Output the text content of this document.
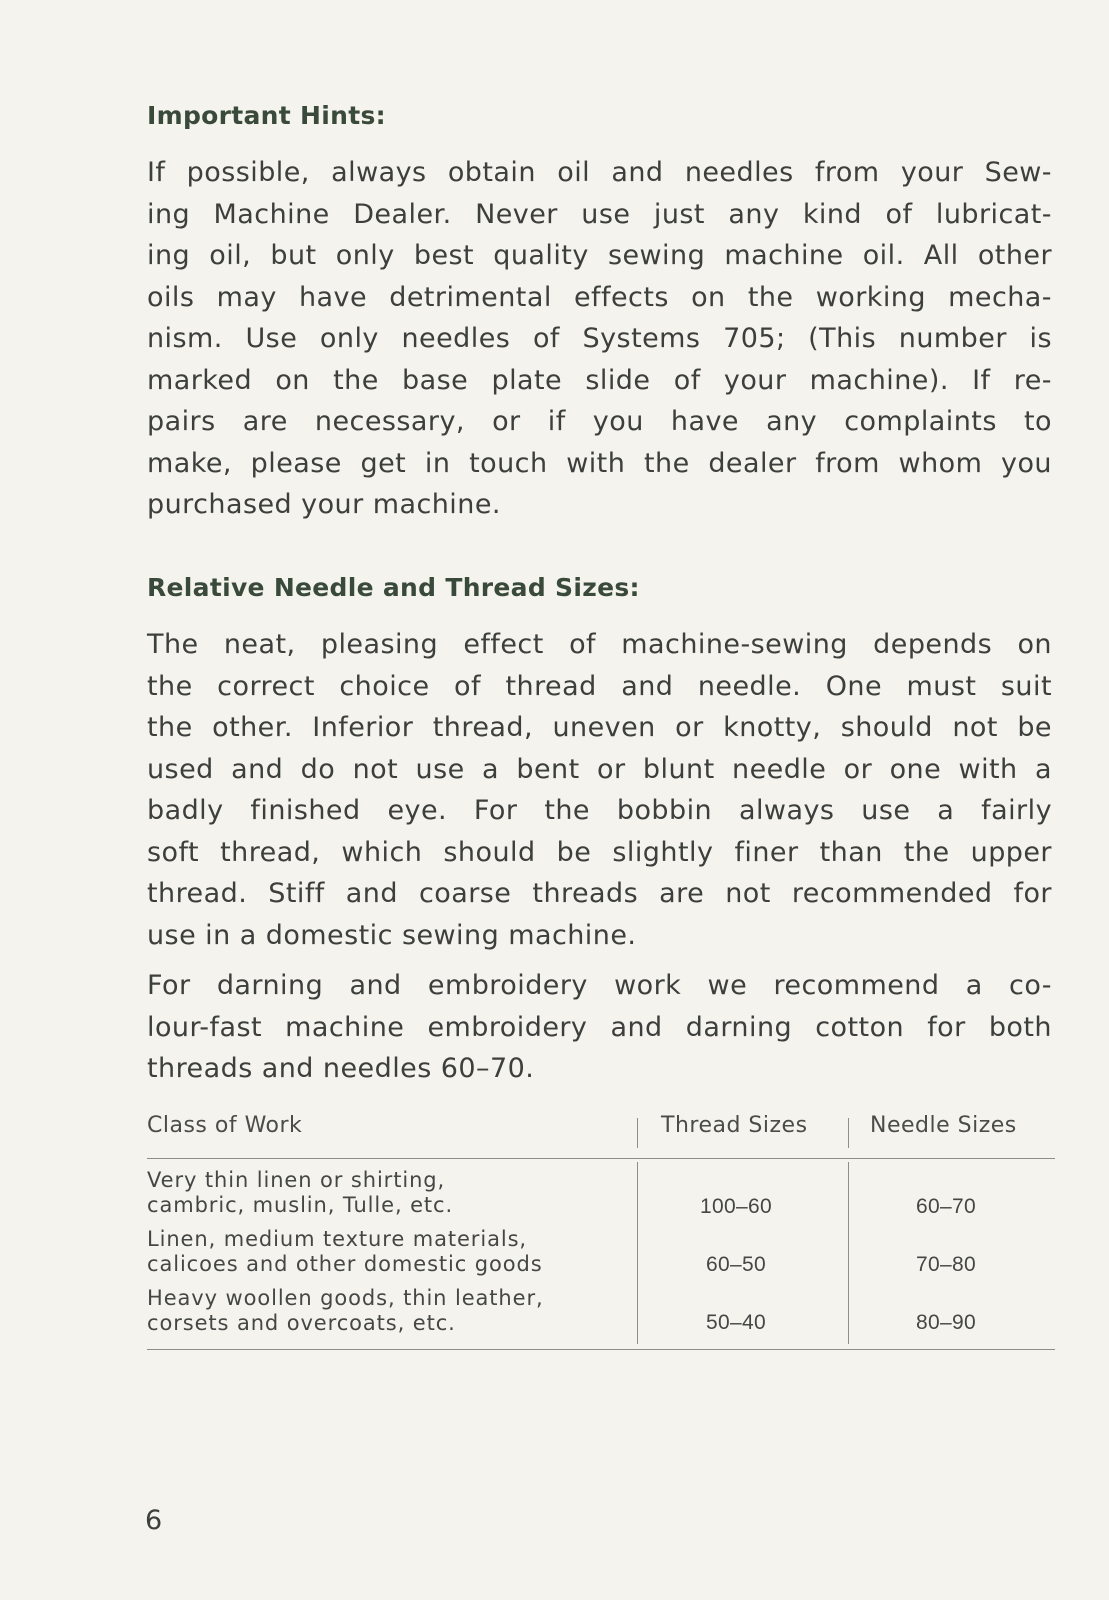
Important Hints:
If possible, always obtain oil and needles from your Sew-
ing Machine Dealer. Never use just any kind of lubricat-
ing oil, but only best quality sewing machine oil. All other
oils may have detrimental effects on the working mecha-
nism. Use only needles of Systems 705; (This number is
marked on the base plate slide of your machine). If re-
pairs are necessary, or if you have any complaints to
make, please get in touch with the dealer from whom you
purchased your machine.
Relative Needle and Thread Sizes:
The neat, pleasing effect of machine-sewing depends on
the correct choice of thread and needle. One must suit
the other. Inferior thread, uneven or knotty, should not be
used and do not use a bent or blunt needle or one with a
badly finished eye. For the bobbin always use a fairly
soft thread, which should be slightly finer than the upper
thread. Stiff and coarse threads are not recommended for
use in a domestic sewing machine.
For darning and embroidery work we recommend a co-
lour-fast machine embroidery and darning cotton for both
threads and needles 60–70.
Class of Work	Thread Sizes	Needle Sizes
Very thin linen or shirting,
cambric, muslin, Tulle, etc.	100–60	60–70
Linen, medium texture materials,
calicoes and other domestic goods	60–50	70–80
Heavy woollen goods, thin leather,
corsets and overcoats, etc.	50–40	80–90
6
